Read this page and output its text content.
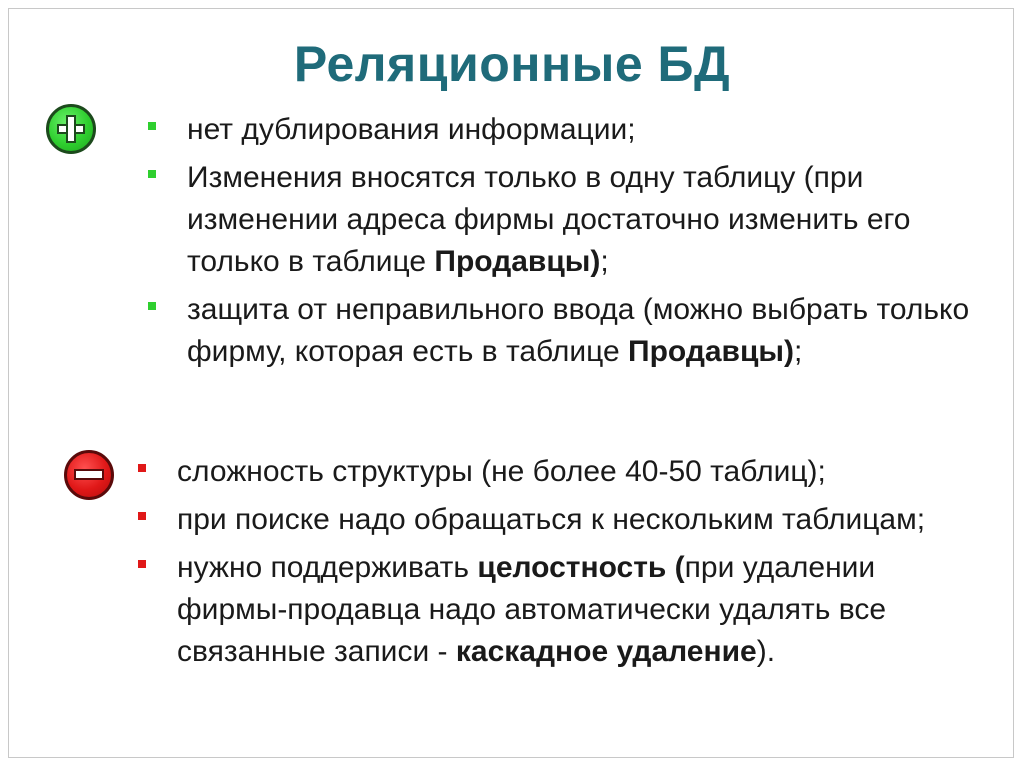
Реляционные БД
нет дублирования информации;
Изменения вносятся только в одну таблицу (при изменении адреса фирмы достаточно изменить его только в таблице Продавцы);
защита от неправильного ввода (можно выбрать только фирму, которая есть в таблице Продавцы);
сложность структуры (не более 40-50 таблиц);
при поиске надо обращаться к нескольким таблицам;
нужно поддерживать целостность (при удалении фирмы-продавца надо автоматически удалять все связанные записи - каскадное удаление).
